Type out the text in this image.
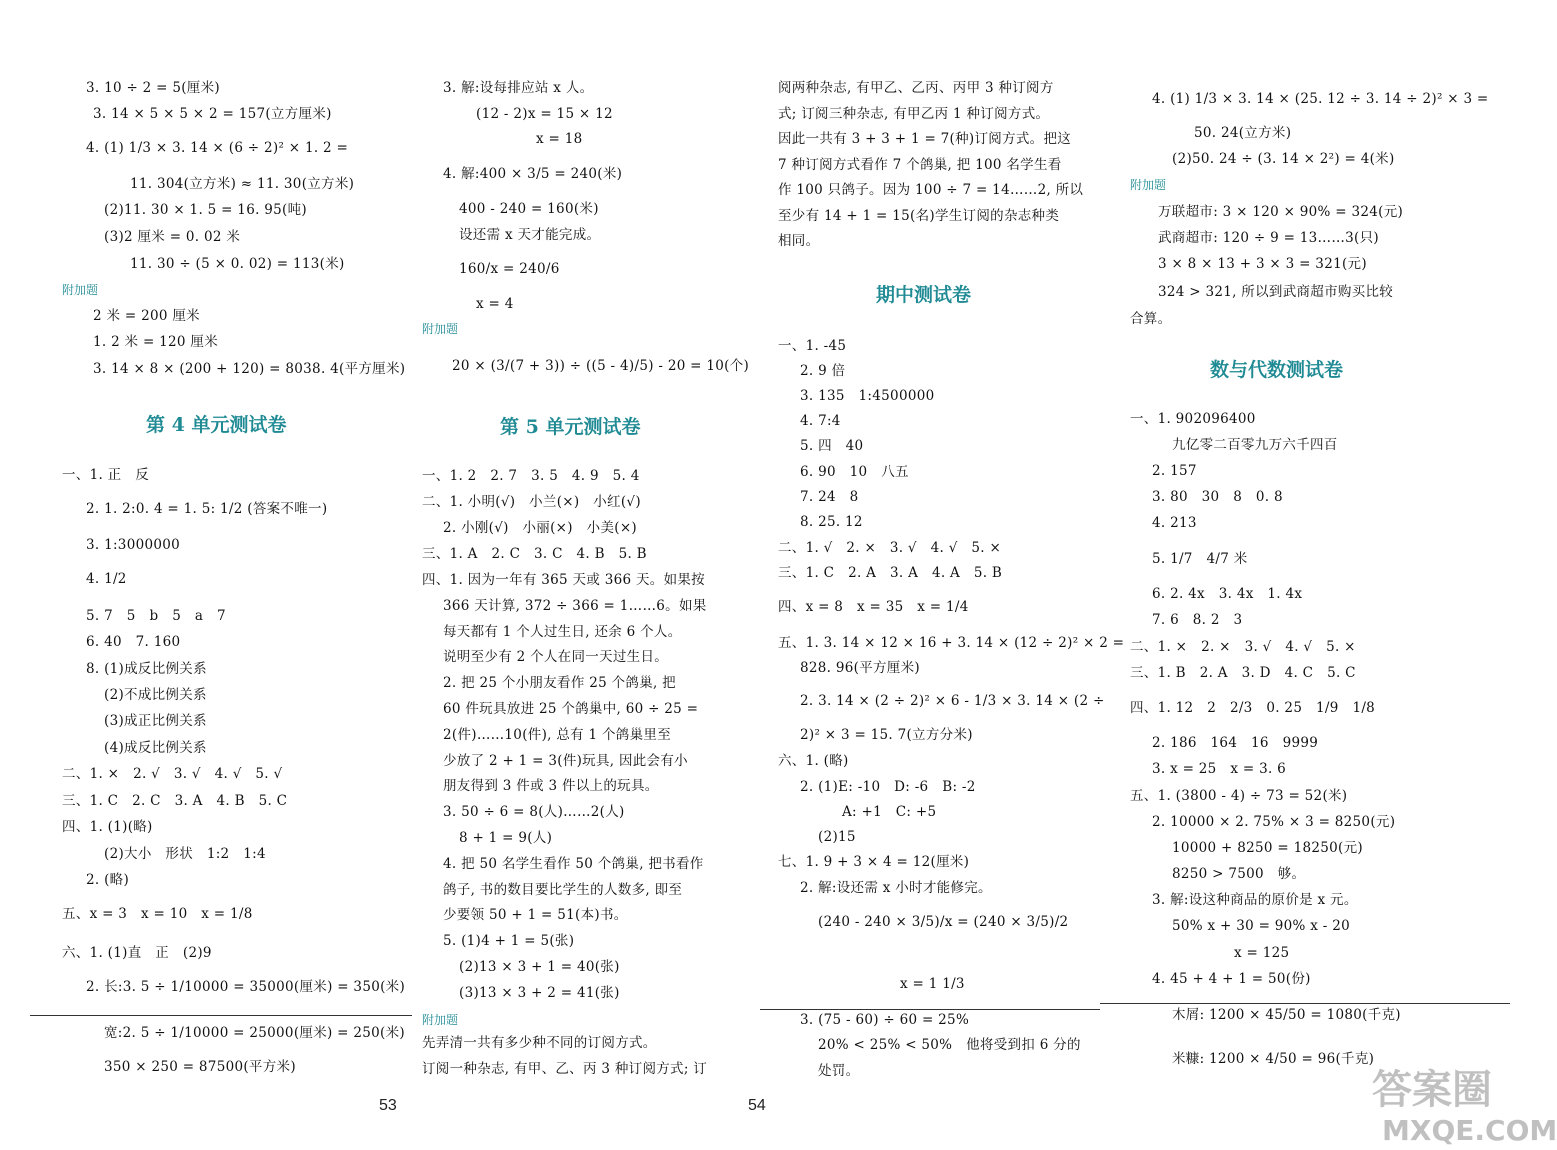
3. 10 ÷ 2 = 5(厘米)
3. 14 × 5 × 5 × 2 = 157(立方厘米)
4. (1) 1/3 × 3. 14 × (6 ÷ 2)² × 1. 2 =
11. 304(立方米) ≈ 11. 30(立方米)
(2)11. 30 × 1. 5 = 16. 95(吨)
(3)2 厘米 = 0. 02 米
11. 30 ÷ (5 × 0. 02) = 113(米)
附加题
2 米 = 200 厘米
1. 2 米 = 120 厘米
3. 14 × 8 × (200 + 120) = 8038. 4(平方厘米)
第 4 单元测试卷
一、1. 正　反
2. 1. 2:0. 4 = 1. 5: 1/2 (答案不唯一)
3. 1:3000000
4. 1/2
5. 7　5　b　5　a　7
6. 40　7. 160
8. (1)成反比例关系
(2)不成比例关系
(3)成正比例关系
(4)成反比例关系
二、1. ×　2. √　3. √　4. √　5. √
三、1. C　2. C　3. A　4. B　5. C
四、1. (1)(略)
(2)大小　形状　1:2　1:4
2. (略)
五、x = 3　x = 10　x = 1/8
六、1. (1)直　正　(2)9
2. 长:3. 5 ÷ 1/10000 = 35000(厘米) = 350(米)
宽:2. 5 ÷ 1/10000 = 25000(厘米) = 250(米)
350 × 250 = 87500(平方米)
3. 解:设每排应站 x 人。
(12 - 2)x = 15 × 12
x = 18
4. 解:400 × 3/5 = 240(米)
400 - 240 = 160(米)
设还需 x 天才能完成。
160/x = 240/6
x = 4
附加题
20 × (3/(7 + 3)) ÷ ((5 - 4)/5) - 20 = 10(个)
第 5 单元测试卷
一、1. 2　2. 7　3. 5　4. 9　5. 4
二、1. 小明(√)　小兰(×)　小红(√)
2. 小刚(√)　小丽(×)　小美(×)
三、1. A　2. C　3. C　4. B　5. B
四、1. 因为一年有 365 天或 366 天。如果按
366 天计算, 372 ÷ 366 = 1……6。如果
每天都有 1 个人过生日, 还余 6 个人。
说明至少有 2 个人在同一天过生日。
2. 把 25 个小朋友看作 25 个鸽巢, 把
60 件玩具放进 25 个鸽巢中, 60 ÷ 25 =
2(件)……10(件), 总有 1 个鸽巢里至
少放了 2 + 1 = 3(件)玩具, 因此会有小
朋友得到 3 件或 3 件以上的玩具。
3. 50 ÷ 6 = 8(人)……2(人)
8 + 1 = 9(人)
4. 把 50 名学生看作 50 个鸽巢, 把书看作
鸽子, 书的数目要比学生的人数多, 即至
少要领 50 + 1 = 51(本)书。
5. (1)4 + 1 = 5(张)
(2)13 × 3 + 1 = 40(张)
(3)13 × 3 + 2 = 41(张)
附加题
先弄清一共有多少种不同的订阅方式。
订阅一种杂志, 有甲、乙、丙 3 种订阅方式; 订
阅两种杂志, 有甲乙、乙丙、丙甲 3 种订阅方
式; 订阅三种杂志, 有甲乙丙 1 种订阅方式。
因此一共有 3 + 3 + 1 = 7(种)订阅方式。把这
7 种订阅方式看作 7 个鸽巢, 把 100 名学生看
作 100 只鸽子。因为 100 ÷ 7 = 14……2, 所以
至少有 14 + 1 = 15(名)学生订阅的杂志种类
相同。
期中测试卷
一、1. -45
2. 9 倍
3. 135　1:4500000
4. 7:4
5. 四　40
6. 90　10　八五
7. 24　8
8. 25. 12
二、1. √　2. ×　3. √　4. √　5. ×
三、1. C　2. A　3. A　4. A　5. B
四、x = 8　x = 35　x = 1/4
五、1. 3. 14 × 12 × 16 + 3. 14 × (12 ÷ 2)² × 2 =
828. 96(平方厘米)
2. 3. 14 × (2 ÷ 2)² × 6 - 1/3 × 3. 14 × (2 ÷
2)² × 3 = 15. 7(立方分米)
六、1. (略)
2. (1)E: -10　D: -6　B: -2
A: +1　C: +5
(2)15
七、1. 9 + 3 × 4 = 12(厘米)
2. 解:设还需 x 小时才能修完。
(240 - 240 × 3/5)/x = (240 × 3/5)/2
x = 1 1/3
3. (75 - 60) ÷ 60 = 25%
20% < 25% < 50%　他将受到扣 6 分的
处罚。
4. (1) 1/3 × 3. 14 × (25. 12 ÷ 3. 14 ÷ 2)² × 3 =
50. 24(立方米)
(2)50. 24 ÷ (3. 14 × 2²) = 4(米)
附加题
万联超市: 3 × 120 × 90% = 324(元)
武商超市: 120 ÷ 9 = 13……3(只)
3 × 8 × 13 + 3 × 3 = 321(元)
324 > 321, 所以到武商超市购买比较
合算。
数与代数测试卷
一、1. 902096400
九亿零二百零九万六千四百
2. 157
3. 80　30　8　0. 8
4. 213
5. 1/7　4/7 米
6. 2. 4x　3. 4x　1. 4x
7. 6　8. 2　3
二、1. ×　2. ×　3. √　4. √　5. ×
三、1. B　2. A　3. D　4. C　5. C
四、1. 12　2　2/3　0. 25　1/9　1/8
2. 186　164　16　9999
3. x = 25　x = 3. 6
五、1. (3800 - 4) ÷ 73 = 52(米)
2. 10000 × 2. 75% × 3 = 8250(元)
10000 + 8250 = 18250(元)
8250 > 7500　够。
3. 解:设这种商品的原价是 x 元。
50% x + 30 = 90% x - 20
x = 125
4. 45 + 4 + 1 = 50(份)
木屑: 1200 × 45/50 = 1080(千克)
米糠: 1200 × 4/50 = 96(千克)
53	54	答案圈
MXQE.COM
